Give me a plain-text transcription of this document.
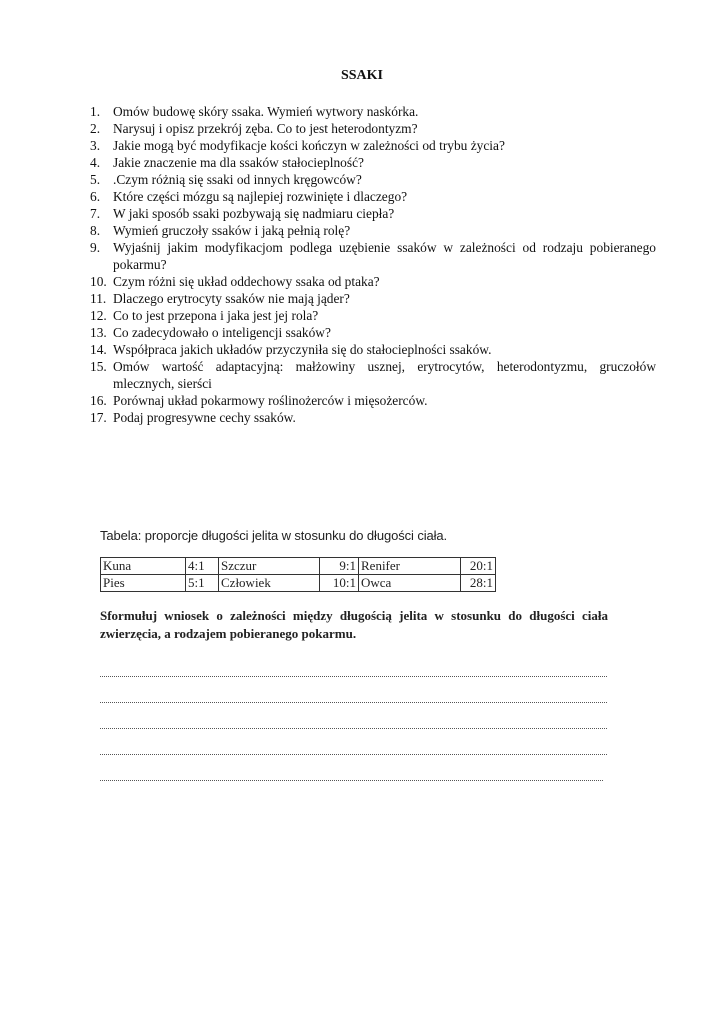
SSAKI
1. Omów budowę skóry ssaka. Wymień wytwory naskórka.
2. Narysuj i opisz przekrój zęba. Co to jest heterodontyzm?
3. Jakie mogą być modyfikacje kości kończyn w zależności od trybu życia?
4. Jakie znaczenie ma dla ssaków stałocieplność?
5. .Czym różnią się ssaki od innych kręgowców?
6. Które części mózgu są najlepiej rozwinięte i dlaczego?
7. W jaki sposób ssaki pozbywają się nadmiaru ciepła?
8. Wymień gruczoły ssaków i jaką pełnią rolę?
9. Wyjaśnij jakim modyfikacjom podlega uzębienie ssaków w zależności od rodzaju pobieranego pokarmu?
10. Czym różni się układ oddechowy ssaka od ptaka?
11. Dlaczego erytrocyty ssaków nie mają jąder?
12. Co to jest przepona i jaka jest jej rola?
13. Co zadecydowało o inteligencji ssaków?
14. Współpraca jakich układów przyczyniła się do stałocieplności ssaków.
15. Omów wartość adaptacyjną: małżowiny usznej, erytrocytów, heterodontyzmu, gruczołów mlecznych, sierści
16. Porównaj układ pokarmowy roślinożerców i mięsożerców.
17. Podaj progresywne cechy ssaków.
Tabela: proporcje długości jelita w stosunku do długości ciała.
Kuna	4:1	Szczur	9:1	Renifer	20:1
Pies	5:1	Człowiek	10:1	Owca	28:1
Sformułuj wniosek o zależności między długością jelita w stosunku do długości ciała zwierzęcia, a rodzajem pobieranego pokarmu.
